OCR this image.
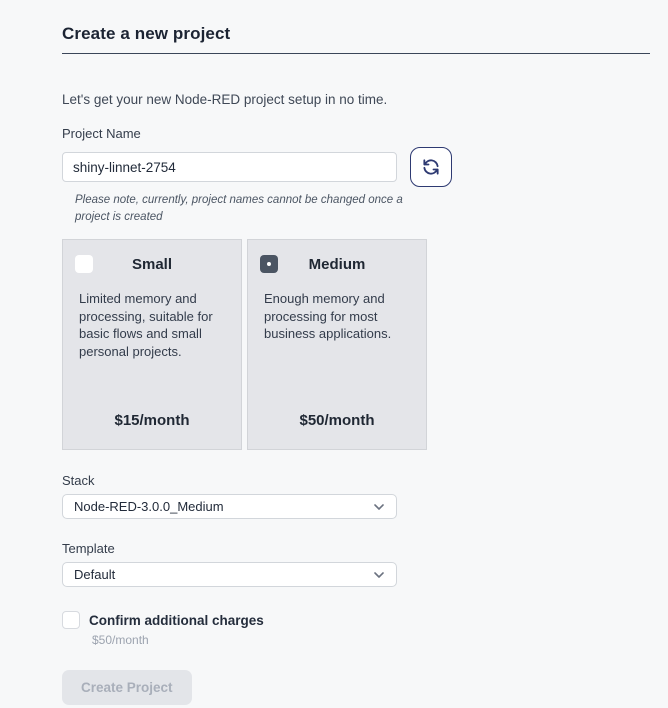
Create a new project

Let's get your new Node-RED project setup in no time.

Project Name
shiny-linnet-2754

Please note, currently, project names cannot be changed once a project is created

Small

Limited memory and processing, suitable for basic flows and small personal projects.

$15/month
Medium

Enough memory and processing for most business applications.

$50/month
Stack
Node-RED-3.0.0_Medium
Template
Default
Confirm additional charges
$50/month
Create Project
